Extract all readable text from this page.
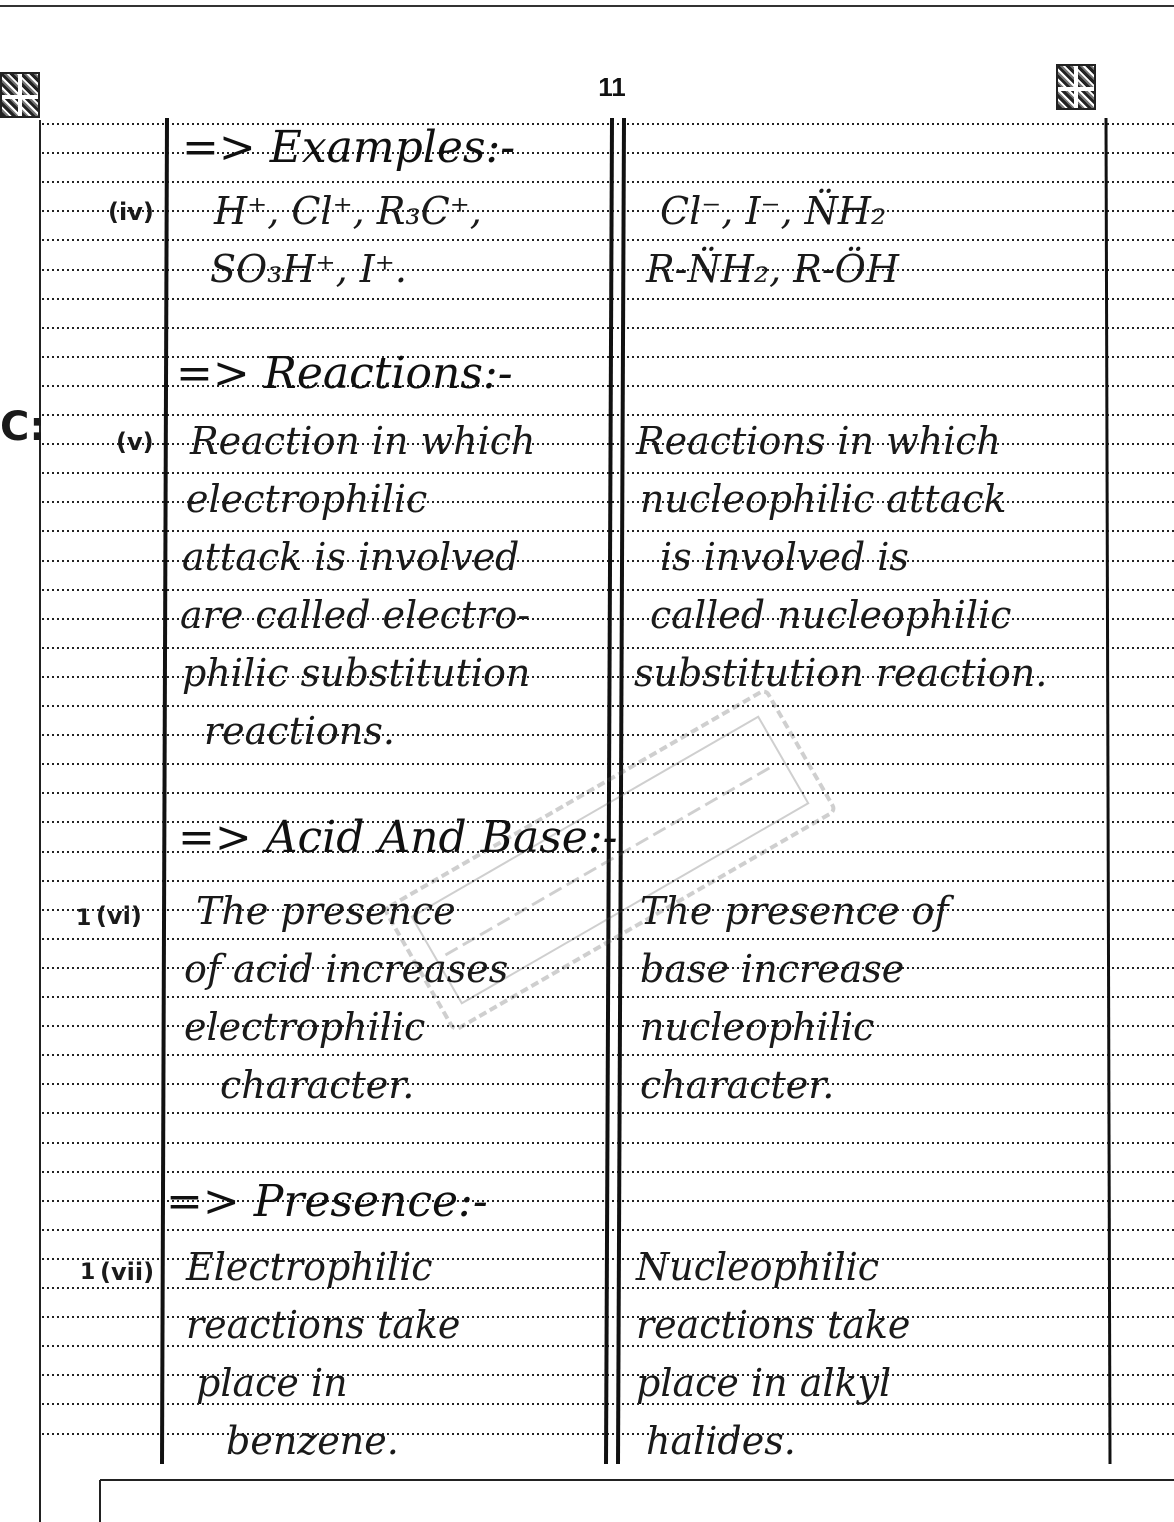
11
C:
=> Examples:-
(iv) H⁺, Cl⁺, R₃C⁺,
SO₃H⁺, I⁺.
Cl⁻, I⁻, N̈H₂
R-N̈H₂, R-ÖH
=> Reactions:-
(v) Reaction in which
electrophilic
attack is involved
are called electro-
philic substitution
reactions.
Reactions in which
nucleophilic attack
is involved is
called nucleophilic
substitution reaction.
=> Acid And Base:-
1 (vi) The presence
of acid increases
electrophilic
character.
The presence of
base increase
nucleophilic
character.
=> Presence:-
1 (vii) Electrophilic
reactions take
place in
benzene.
Nucleophilic
reactions take
place in alkyl
halides.
